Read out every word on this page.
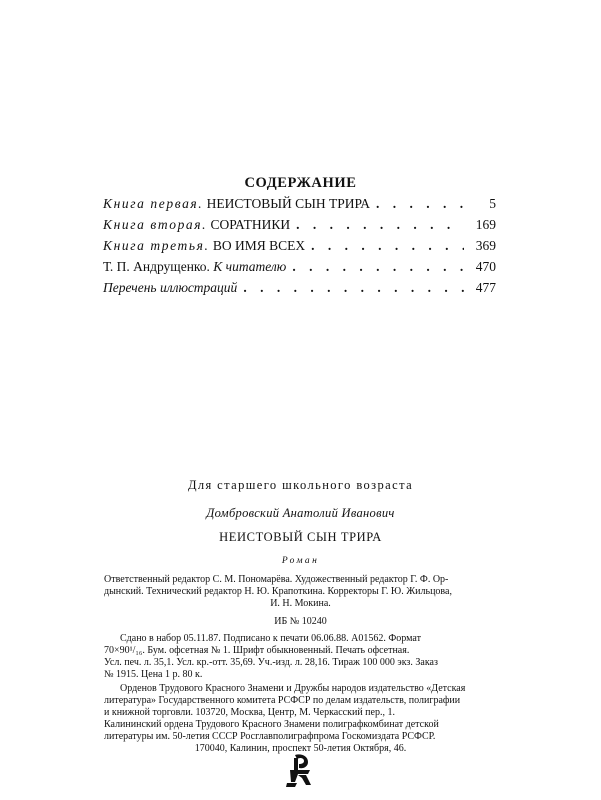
СОДЕРЖАНИЕ
Книга первая. НЕИСТОВЫЙ СЫН ТРИРА . . .	5
Книга вторая. СОРАТНИКИ . . .	169
Книга третья. ВО ИМЯ ВСЕХ . . .	369
Т. П. Андрущенко. К читателю . . .	470
Перечень иллюстраций . . .	477
Для старшего школьного возраста
Домбровский Анатолий Иванович
НЕИСТОВЫЙ СЫН ТРИРА
Роман

Ответственный редактор С. М. Пономарёва. Художественный редактор Г. Ф. Ор-

дынский. Технический редактор Н. Ю. Крапоткина. Корректоры Г. Ю. Жильцова,

И. Н. Мокина.

ИБ № 10240

Сдано в набор 05.11.87. Подписано к печати 06.06.88. А01562. Формат

70×90¹/₁₆. Бум. офсетная № 1. Шрифт обыкновенный. Печать офсетная.

Усл. печ. л. 35,1. Усл. кр.-отт. 35,69. Уч.-изд. л. 28,16. Тираж 100 000 экз. Заказ

№ 1915. Цена 1 р. 80 к.

Орденов Трудового Красного Знамени и Дружбы народов издательство «Детская

литература» Государственного комитета РСФСР по делам издательств, полиграфии

и книжной торговли. 103720, Москва, Центр, М. Черкасский пер., 1.

Калининский ордена Трудового Красного Знамени полиграфкомбинат детской

литературы им. 50-летия СССР Росглавполиграфпрома Госкомиздата РСФСР.

170040, Калинин, проспект 50-летия Октября, 46.
